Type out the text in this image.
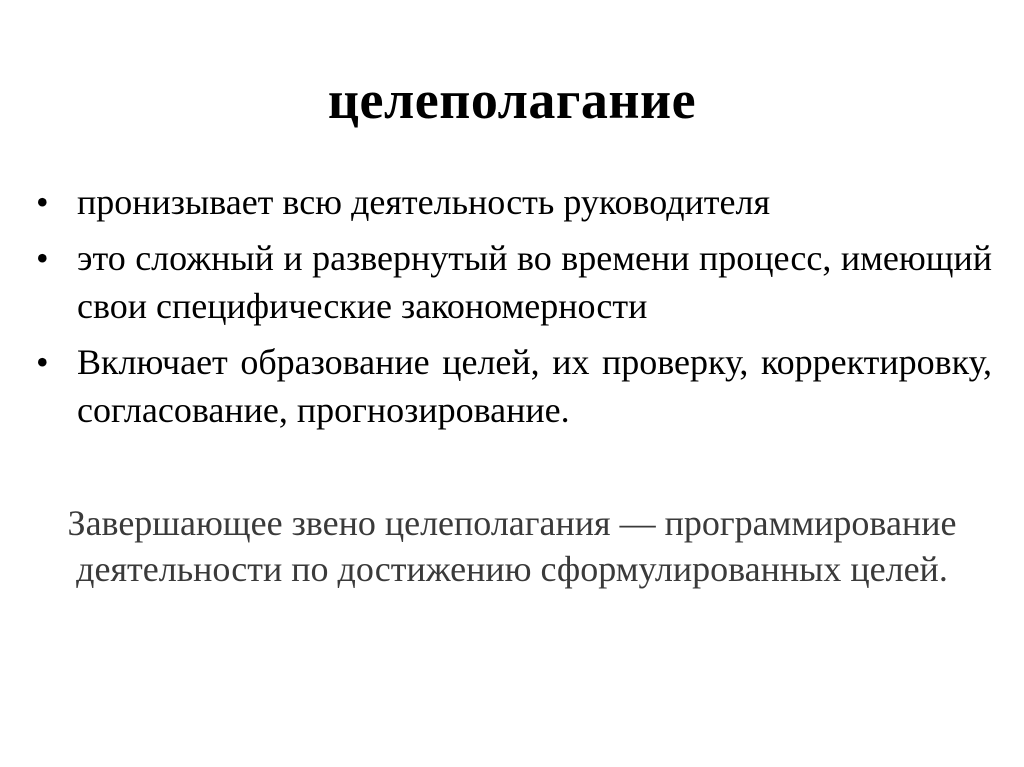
целеполагание
• пронизывает всю деятельность руководителя
• это сложный и развернутый во времени процесс, имеющий свои специфические закономерности
• Включает образование целей, их проверку, корректировку, согласование, прогнозирование.
Завершающее звено целеполагания — программирование деятельности по достижению сформулированных целей.
